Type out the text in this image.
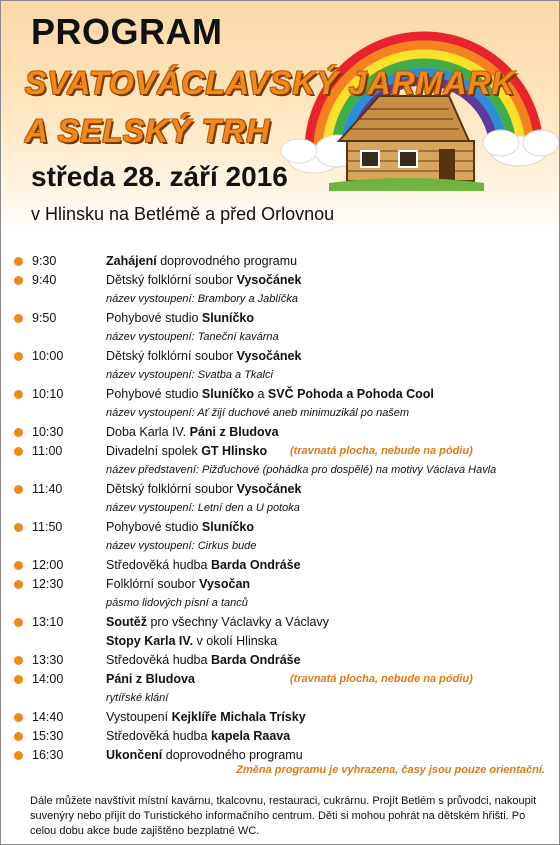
PROGRAM
SVATOVÁCLAVSKÝ JARMARK
A SELSKÝ TRH
středa 28. září 2016
v Hlinsku na Betlémě a před Orlovnou
9:30	Zahájení doprovodného programu
9:40	Dětský folklórní soubor Vysočánek
název vystoupení: Brambory a Jablíčka
9:50	Pohybové studio Sluníčko
název vystoupení: Taneční kavárna
10:00	Dětský folklórní soubor Vysočánek
název vystoupení: Svatba a Tkalci
10:10	Pohybové studio Sluníčko a SVČ Pohoda a Pohoda Cool
název vystoupení: Ať žijí duchové aneb minimuzikál po našem
10:30	Doba Karla IV. Páni z Bludova
11:00	Divadelní spolek GT Hlinsko (travnatá plocha, nebude na pódiu)
název představení: Pižďuchové (pohádka pro dospělé) na motivy Václava Havla
11:40	Dětský folklórní soubor Vysočánek
název vystoupení: Letní den a U potoka
11:50	Pohybové studio Sluníčko
název vystoupení: Cirkus bude
12:00	Středověká hudba Barda Ondráše
12:30	Folklórní soubor Vysočan
pásmo lidových písní a tanců
13:10	Soutěž pro všechny Václavky a Václavy
Stopy Karla IV. v okolí Hlinska
13:30	Středověká hudba Barda Ondráše
14:00	Páni z Bludova	(travnatá plocha, nebude na pódiu)
rytířské klání
14:40	Vystoupení Kejklíře Michala Trísky
15:30	Středověká hudba kapela Raava
16:30	Ukončení doprovodného programu
Změna programu je vyhrazena, časy jsou pouze orientační.
Dále můžete navštívit místní kavárnu, tkalcovnu, restauraci, cukrárnu. Projít Betlém s průvodci, nakoupit suvenýry nebo přijít do Turistického informačního centrum. Děti si mohou pohrát na dětském hřišti. Po celou dobu akce bude zajištěno bezplatné WC.
